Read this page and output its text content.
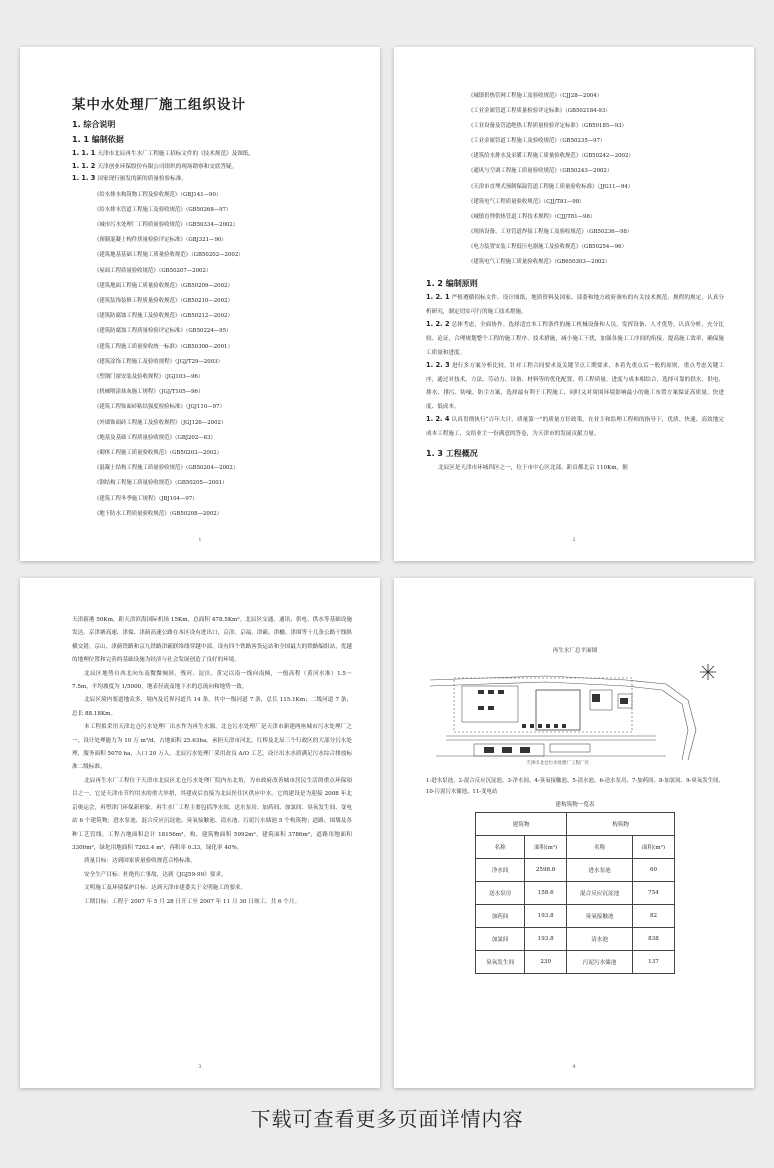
某中水处理厂施工组织设计
1. 综合说明
1. 1 编制依据

1. 1. 1 天津市北辰再生水厂工程施工招标文件的《技术规范》及图纸。

1. 1. 2 天津创业环保股份有限公司组织的现场勘察和交底答疑。

1. 1. 3 国家现行颁发的新的质量检验标准。

《给水排水构筑物工程及验收规范》（GBJ141—90）
《给水排水管道工程施工及验收规范》（GB50268—97）
《城市污水处理厂工程质量验收规范》（GB50334—2002）
《预制混凝土构件质量检验评定标准》（GBJ321—90）
《建筑地基基础工程施工质量验收规范》（GB50202—2002）
《屋面工程质量验收规范》（GB50207—2002）
《建筑地面工程施工质量验收规范》（GB50209—2002）
《建筑装饰装修工程质量验收规范》（GB50210—2002）
《建筑防腐蚀工程施工及验收规范》（GB50212—2002）
《建筑防腐蚀工程质量检验评定标准》（GB50224—95）
《建筑工程施工质量验收统一标准》（GB50300—2001）
《建筑涂饰工程施工及验收规程》（JGJ/T29—2003）
《塑钢门窗安装及验收规程》（JGJ103—96）
《机械喷涂抹灰施工规程》（JGJ/T105—96）
《建筑工程饰面砖粘结强度检验标准》（JGJ110—97）
《外墙饰面砖工程施工及验收规程》（JGJ126—2002）
《地基及基础工程质量验收规范》（GBJ202—83）
《砌体工程施工质量验收规范》（GB50203—2002）
《混凝土结构工程施工质量验收规范》（GB50204—2002）
《钢结构工程施工质量验收规范》（GB50205—2001）
《建筑工程冬季施工规程》（JBJ104—97）
《地下防水工程质量验收规范》（GB50208—2002）
1
《城镇供热管网工程施工及验收规范》（CJJ28—2004）
《工业金属管道工程质量检验评定标准》（GB502184-93）
《工业设备及管道绝热工程质量检验评定标准》（GB50185—93）
《工业金属管道工程施工及验收规范》（GB50235—97）
《建筑给水排水及采暖工程施工质量验收规范》（GB50242—2002）
《通风与空调工程施工质量验收规范》（GB50243—2002）
《天津市直埋式预制保温管道工程施工质量验收标准》（JJG11—94）
《建筑电气工程质量验收规范》（CJJ/T81—98）
《城镇直埋供热管道工程技术规程》（CJJ/T81—98）
《现场设备、工业管道焊接工程施工及验收规范》（GB50236—98）
《电力装置安装工程低压电器施工及验收规范》（GB50254—96）
《建筑电气工程施工质量验收规范》（GB650303—2002）
1. 2 编制原则

1. 2. 1 严格遵循招标文件、设计图纸、地质资料及国家、部委和地方政府颁布的有关技术规范、规程的规定，认真分析研究，制定切实可行的施工技术措施。

1. 2. 2 总体考虑，全面协作。选择适宜本工程条件的施工机械设备和人员，发挥设备、人才优势，认真分析，充分比较、论证，合理规划整个工程的施工程序、技术措施，减小施工干扰，加强各施工工序间的衔接，提高施工效率，确保施工质量和进度。

1. 2. 3 进行多方案分析比较，针对工程合同要求及关键节点工期要求，本着先重点后一般的原则，重点考虑关键工序，通过对技术、方法、劳动力、设备、材料等的优化配置，将工程质量、进度与成本相结合，选择可靠的供水、供电、排水、排污、防噪、防尘方案，选择最有利于工程施工，同时又对周围环境影响最小的施工布置方案保证高质量、快进度、低成本。

1. 2. 4 认真贯彻执行“百年大计，质量第一”的质量方针政策，在业主和监理工程师的指导下，优质、快速、高效地完成本工程施工，交给业主一份满意的答卷，为天津市的发展贡献力量。

1. 3 工程概况

北辰区是天津市环城四区之一，位于市中心区北部，距首都北京 110Km，据

2

天津新港 50Km，距天津滨海国际机场 15Km，总面积 478.5Km²。北辰区交通、通讯、供电、供水等基础设施发达。京津塘高速、津保、津蓟高速公路在本区设有进出口，京津、京福、津霸、津榆、津围等十几条公路干线纵横交错。京山、津蓟铁路和京九铁路津霸联络线穿越中部，设有四个铁路客货运站和全国最大的铁路编组站，优越的地理位置和完善的基础设施为经济与社会发展创造了良好的环境。

北辰区地势自西北向东南微微倾斜，残河、淀洼、黄完以南一线向南倾，一般高程（黄河水准）1.5～7.5m，平均坡度为 1/5000，地表径流及地下水的总流向和地势一致。

北辰区境内要道地众多，境内及近界河道共 14 条，其中一级河道 7 条，总长 115.1Km；二级河道 7 条，总长 88.18Km。

本工程拟采用天津北仓污水处理厂出水作为再生水源。北仓污水处理厂是天津市新建两座城市污水处理厂之一，设计处理能力为 10 万 m³/d，占地面积 25.63ha。承担天津市河北、红桥及北辰三个行政区的大部分污水处理，服务面积 5070 ha，人口 20 万人。北辰污水处理厂采用改良 A/O 工艺，设计出水水质满足污水综合排放标准二级标准。

北辰再生水厂工程位于天津市北辰区北仓污水处理厂院内东北角，为市政府改善城市居民生活的重点环保项目之一，它是天津市节约用水的重大举措，其建成后直接为北辰医住区供应中水。它的建设是为迎接 2008 年北京奥运会，再塑津门环保新形象。再生水厂工程主要包括净水间、送水泵房、加药间、加氯间、臭氧发生间、变电站 6 个建筑物；进水泵池、混合反应沉淀池、臭氧接触池、清水池、污泥污水储池 5 个构筑物；道路、围墙及各种工艺管线。工程占地面积总计 18156m²，构、建筑物面积 5992m²，建筑面积 3786m²，道路用地面积 3300m²，绿化用地面积 7262.4 m²，容积率 0.33，绿化率 40%。

质量目标：达到国家质量验收规范合格标准。

安全生产目标：杜绝伤亡事故，达到《JGJ59-99》要求。

文明施工及环境保护目标：达到天津市建委关于文明施工的要求。

工期目标：工程于 2007 年 5 月 28 日开工至 2007 年 11 月 30 日竣工，共 6 个月。

3
再生水厂总平面图
天津市北仓污水处理厂工程厂区

1-进水泵池、2-混合反应沉淀池、3-净水间、4-臭氧接触池、5-清水池、6-送水泵房、7-加药间、8-加氯间、9-臭氧发生间、10-污泥污水储池、11-变电站

建构筑物一览表
建筑物		构筑物	
名称	面积(m²)	名称	面积(m²)
净水间	2598.6	进水泵池	60
送水泵房	158.6	混合反应沉淀池	754
加药间	193.8	臭氧接触池	82
加氯间	193.8	清水池	838
臭氧发生间	230	污泥污水储池	137
4
下载可查看更多页面详情内容
